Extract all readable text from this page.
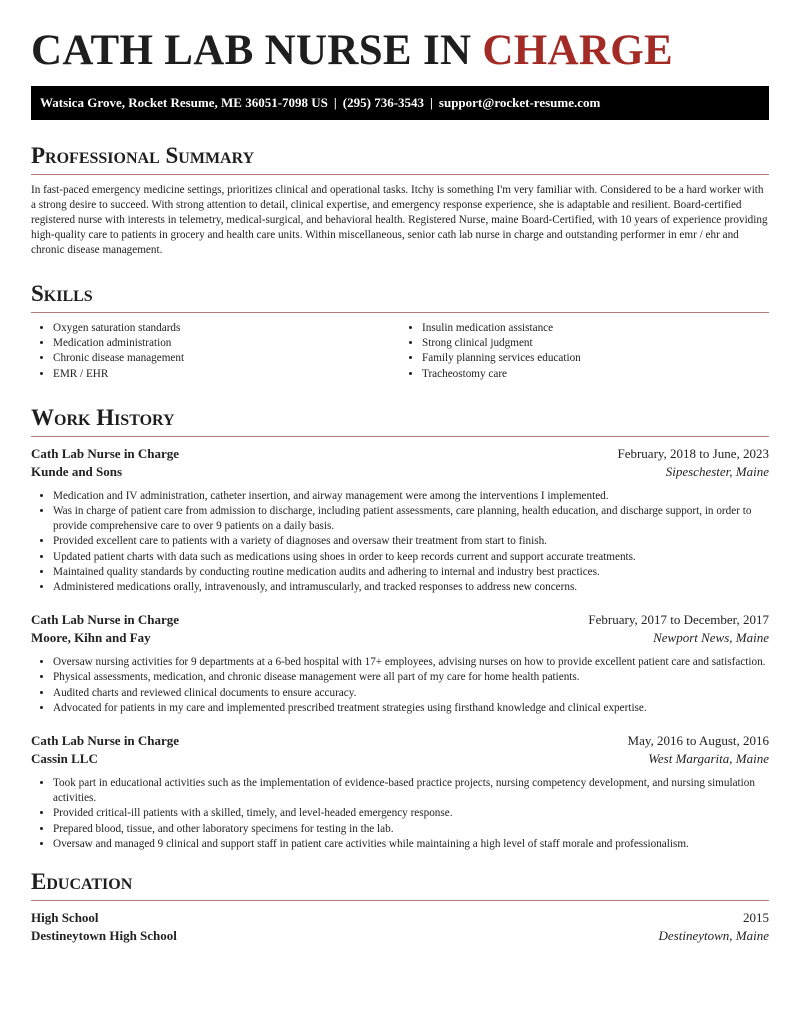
CATH LAB NURSE IN CHARGE
Watsica Grove, Rocket Resume, ME 36051-7098 US | (295) 736-3543 | support@rocket-resume.com
Professional Summary

In fast-paced emergency medicine settings, prioritizes clinical and operational tasks. Itchy is something I'm very familiar with. Considered to be a hard worker with a strong desire to succeed. With strong attention to detail, clinical expertise, and emergency response experience, she is adaptable and resilient. Board-certified registered nurse with interests in telemetry, medical-surgical, and behavioral health. Registered Nurse, maine Board-Certified, with 10 years of experience providing high-quality care to patients in grocery and health care units. Within miscellaneous, senior cath lab nurse in charge and outstanding performer in emr / ehr and chronic disease management.

Skills
• Oxygen saturation standards
• Medication administration
• Chronic disease management
• EMR / EHR
• Insulin medication assistance
• Strong clinical judgment
• Family planning services education
• Tracheostomy care
Work History
Cath Lab Nurse in Charge	February, 2018 to June, 2023
Kunde and Sons	Sipeschester, Maine
• Medication and IV administration, catheter insertion, and airway management were among the interventions I implemented.
• Was in charge of patient care from admission to discharge, including patient assessments, care planning, health education, and discharge support, in order to provide comprehensive care to over 9 patients on a daily basis.
• Provided excellent care to patients with a variety of diagnoses and oversaw their treatment from start to finish.
• Updated patient charts with data such as medications using shoes in order to keep records current and support accurate treatments.
• Maintained quality standards by conducting routine medication audits and adhering to internal and industry best practices.
• Administered medications orally, intravenously, and intramuscularly, and tracked responses to address new concerns.
Cath Lab Nurse in Charge	February, 2017 to December, 2017
Moore, Kihn and Fay	Newport News, Maine
• Oversaw nursing activities for 9 departments at a 6-bed hospital with 17+ employees, advising nurses on how to provide excellent patient care and satisfaction.
• Physical assessments, medication, and chronic disease management were all part of my care for home health patients.
• Audited charts and reviewed clinical documents to ensure accuracy.
• Advocated for patients in my care and implemented prescribed treatment strategies using firsthand knowledge and clinical expertise.
Cath Lab Nurse in Charge	May, 2016 to August, 2016
Cassin LLC	West Margarita, Maine
• Took part in educational activities such as the implementation of evidence-based practice projects, nursing competency development, and nursing simulation activities.
• Provided critical-ill patients with a skilled, timely, and level-headed emergency response.
• Prepared blood, tissue, and other laboratory specimens for testing in the lab.
• Oversaw and managed 9 clinical and support staff in patient care activities while maintaining a high level of staff morale and professionalism.
Education
High School	2015
Destineytown High School	Destineytown, Maine
